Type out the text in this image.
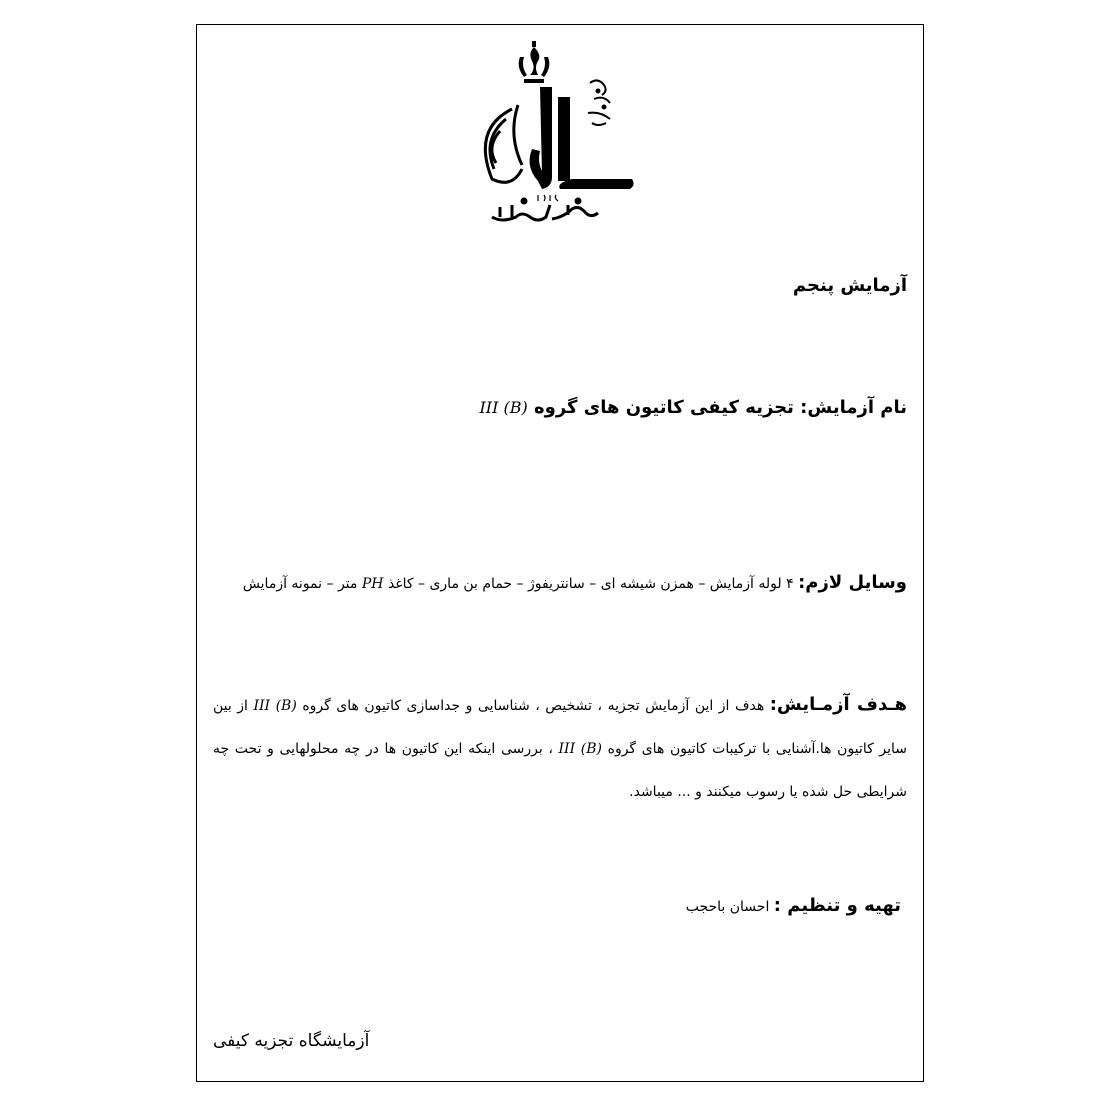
آزمایش پنجم
نام آزمایش: تجزیه کیفی کاتیون های گروه III (B)
وسایل لازم: ۴ لوله آزمایش – همزن شیشه ای – سانتریفوژ – حمام بن ماری – کاغذ PH متر – نمونه آزمایش
هـدف آزمـایش: هدف از این آزمایش تجزیه ، تشخیص ، شناسایی و جداسازی کاتیون های گروه III (B) از بین سایر کاتیون ها.آشنایی با ترکیبات کاتیون های گروه III (B) ، بررسی اینکه این کاتیون ها در چه محلولهایی و تحت چه شرایطی حل شده یا رسوب میکنند و ... میباشد.
تهیه و تنظیم : احسان باحجب
آزمایشگاه تجزیه کیفی
